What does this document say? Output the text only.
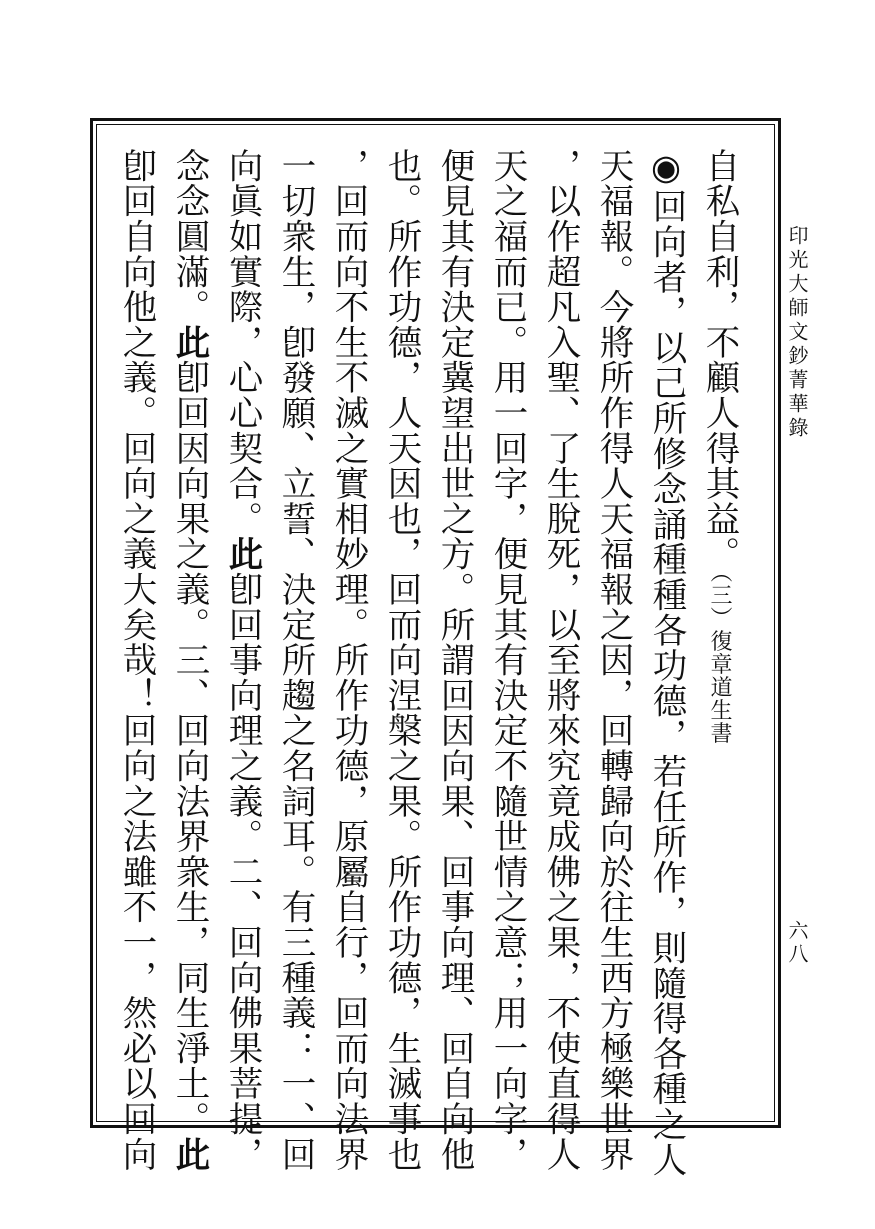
印光大師文鈔菁華錄
六八
自私自利，不顧人得其益。（三）復章道生書
◉回向者，以己所修念誦種種各功德，若任所作，則隨得各種之人
天福報。今將所作得人天福報之因，回轉歸向於往生西方極樂世界
，以作超凡入聖、了生脫死，以至將來究竟成佛之果，不使直得人
天之福而已。用一回字，便見其有決定不隨世情之意；用一向字，
便見其有決定冀望出世之方。所謂回因向果、回事向理、回自向他
也。所作功德，人天因也，回而向涅槃之果。所作功德，生滅事也
，回而向不生不滅之實相妙理。所作功德，原屬自行，回而向法界
一切衆生，卽發願、立誓、決定所趨之名詞耳。有三種義：一、回
向眞如實際，心心契合。此卽回事向理之義。二、回向佛果菩提，
念念圓滿。此卽回因向果之義。三、回向法界衆生，同生淨土。此
卽回自向他之義。回向之義大矣哉！回向之法雖不一，然必以回向
